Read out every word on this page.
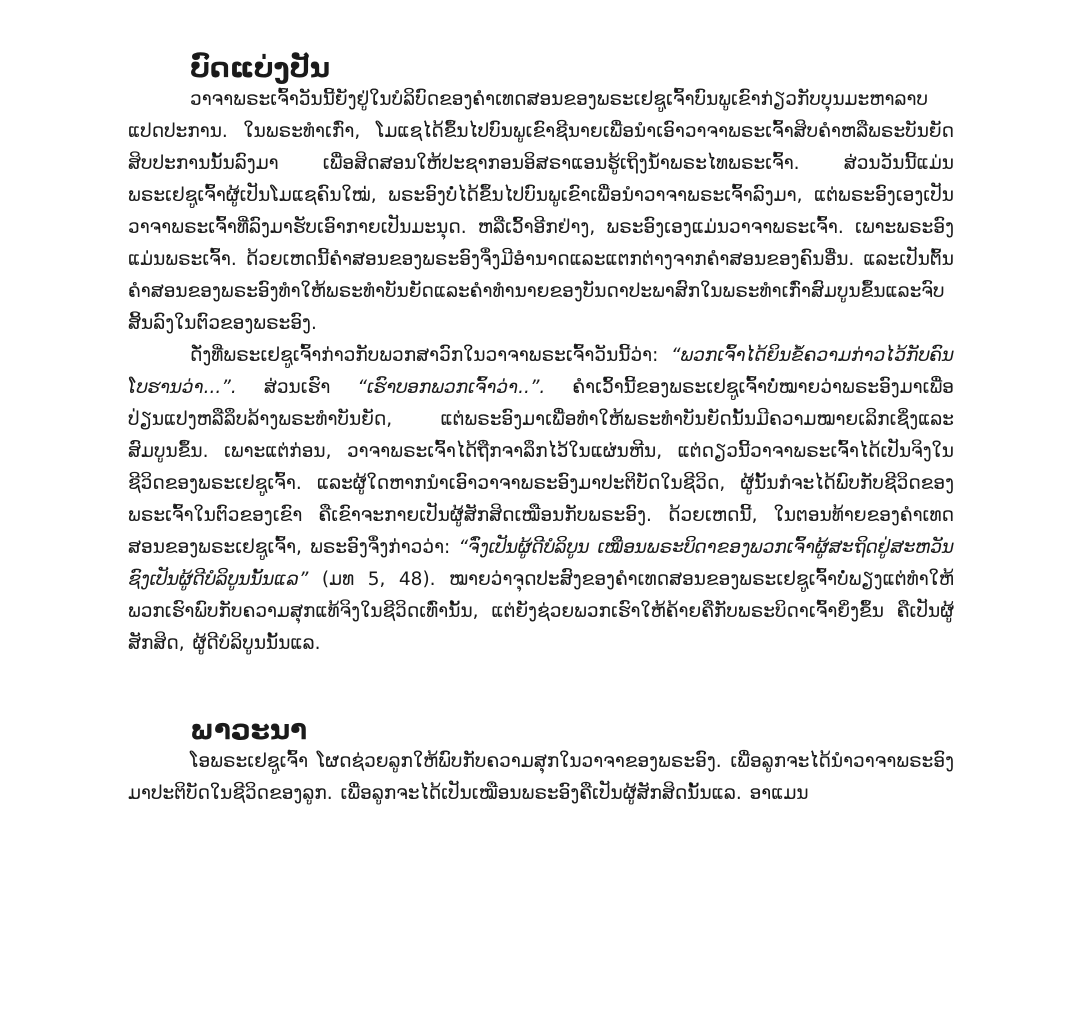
ບົດແບ່ງປັນ

ວາຈາພຣະເຈົ້າວັນນີ້ຍັງຢູ່ໃນບໍລິບົດຂອງຄໍາເທດສອນຂອງພຣະເຢຊູເຈົ້າບົນພູເຂົາກ່ຽວກັບບຸນມະຫາລາບແປດປະການ. ໃນພຣະທໍາເກົ່າ, ໂມແຊໄດ້ຂຶ້ນໄປບົນພູເຂົາຊີນາຍເພື່ອນໍາເອົາວາຈາພຣະເຈົ້າສິບຄໍາຫລືພຣະບັນຍັດສິບປະການນັ້ນລົງມາ ເພື່ອສິດສອນໃຫ້ປະຊາກອນອິສຣາແອນຮູ້ເຖິງນໍ້າພຣະໄທພຣະເຈົ້າ. ສ່ວນວັນນີ້ແມ່ນພຣະເຢຊູເຈົ້າຜູ້ເປັນໂມແຊຄົນໃໝ່, ພຣະອົງບໍ່ໄດ້ຂຶ້ນໄປບົນພູເຂົາເພື່ອນໍາວາຈາພຣະເຈົ້າລົງມາ, ແຕ່ພຣະອົງເອງເປັນວາຈາພຣະເຈົ້າທີ່ລົງມາຮັບເອົາກາຍເປັນມະນຸດ. ຫລືເວົ້າອີກຢ່າງ, ພຣະອົງເອງແມ່ນວາຈາພຣະເຈົ້າ. ເພາະພຣະອົງແມ່ນພຣະເຈົ້າ. ດ້ວຍເຫດນີ້ຄໍາສອນຂອງພຣະອົງຈຶ່ງມີອໍານາດແລະແຕກຕ່າງຈາກຄໍາສອນຂອງຄົນອື່ນ. ແລະເປັນຕົ້ນຄໍາສອນຂອງພຣະອົງທໍາໃຫ້ພຣະທໍາບັນຍັດແລະຄໍາທໍານາຍຂອງບັນດາປະພາສົກໃນພຣະທໍາເກົ່າສົມບູນຂຶ້ນແລະຈົບສິ້ນລົງໃນຕົວຂອງພຣະອົງ.

ດັ່ງທີ່ພຣະເຢຊູເຈົ້າກ່າວກັບພວກສາວົກໃນວາຈາພຣະເຈົ້າວັນນີ້ວ່າ: “ພວກເຈົ້າໄດ້ຍິນຂໍ້ຄວາມກ່າວໄວ້ກັບຄົນໂບຮານວ່າ...”. ສ່ວນເຮົາ “ເຮົາບອກພວກເຈົ້າວ່າ..”. ຄໍາເວົ້ານີ້ຂອງພຣະເຢຊູເຈົ້າບໍ່ໝາຍວ່າພຣະອົງມາເພື່ອປ່ຽນແປງຫລືລຶບລ້າງພຣະທໍາບັນຍັດ, ແຕ່ພຣະອົງມາເພື່ອທໍາໃຫ້ພຣະທໍາບັນຍັດນັ້ນມີຄວາມໝາຍເລິກເຊິ່ງແລະສົມບູນຂຶ້ນ. ເພາະແຕ່ກ່ອນ, ວາຈາພຣະເຈົ້າໄດ້ຖືກຈາລຶກໄວ້ໃນແຜ່ນຫີນ, ແຕ່ດຽວນີ້ວາຈາພຣະເຈົ້າໄດ້ເປັນຈິງໃນຊີວິດຂອງພຣະເຢຊູເຈົ້າ. ແລະຜູ້ໃດຫາກນໍາເອົາວາຈາພຣະອົງມາປະຕິບັດໃນຊີວິດ, ຜູ້ນັ້ນກໍຈະໄດ້ພົບກັບຊີວິດຂອງພຣະເຈົ້າໃນຕົວຂອງເຂົາ ຄືເຂົາຈະກາຍເປັນຜູ້ສັກສິດເໝືອນກັບພຣະອົງ. ດ້ວຍເຫດນີ້, ໃນຕອນທ້າຍຂອງຄໍາເທດສອນຂອງພຣະເຢຊູເຈົ້າ, ພຣະອົງຈຶ່ງກ່າວວ່າ: “ຈົ່ງເປັນຜູ້ດີບໍລິບູນ ເໝືອນພຣະບິດາຂອງພວກເຈົ້າຜູ້ສະຖິດຢູ່ສະຫວັນຊົງເປັນຜູ້ດີບໍລິບູນນັ້ນແລ” (ມທ 5, 48). ໝາຍວ່າຈຸດປະສົງຂອງຄໍາເທດສອນຂອງພຣະເຢຊູເຈົ້າບໍ່ພຽງແຕ່ທໍາໃຫ້ພວກເຮົາພົບກັບຄວາມສຸກແທ້ຈິງໃນຊີວິດເທົ່ານັ້ນ, ແຕ່ຍັງຊ່ວຍພວກເຮົາໃຫ້ຄ້າຍຄືກັບພຣະບິດາເຈົ້າຍິ່ງຂຶ້ນ ຄືເປັນຜູ້ສັກສິດ, ຜູ້ດີບໍລິບູນນັ້ນແລ.

ພາວະນາ

ໂອພຣະເຢຊູເຈົ້າ ໂຜດຊ່ວຍລູກໃຫ້ພົບກັບຄວາມສຸກໃນວາຈາຂອງພຣະອົງ. ເພື່ອລູກຈະໄດ້ນໍາວາຈາພຣະອົງມາປະຕິບັດໃນຊີວິດຂອງລູກ. ເພື່ອລູກຈະໄດ້ເປັນເໝືອນພຣະອົງຄືເປັນຜູ້ສັກສິດນັ້ນແລ. ອາແມນ
